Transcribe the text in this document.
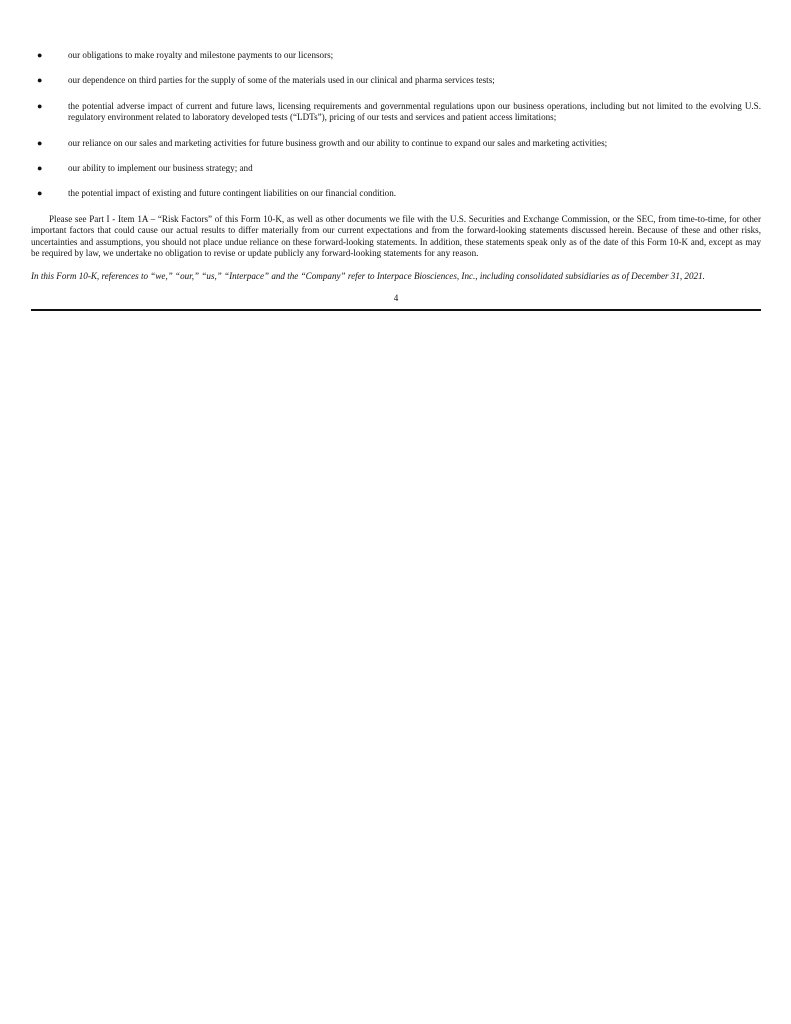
●	our obligations to make royalty and milestone payments to our licensors;
●	our dependence on third parties for the supply of some of the materials used in our clinical and pharma services tests;
●	the potential adverse impact of current and future laws, licensing requirements and governmental regulations upon our business operations, including but not limited to the evolving U.S. regulatory environment related to laboratory developed tests (“LDTs”), pricing of our tests and services and patient access limitations;
●	our reliance on our sales and marketing activities for future business growth and our ability to continue to expand our sales and marketing activities;
●	our ability to implement our business strategy; and
●	the potential impact of existing and future contingent liabilities on our financial condition.

Please see Part I - Item 1A – “Risk Factors” of this Form 10-K, as well as other documents we file with the U.S. Securities and Exchange Commission, or the SEC, from time-to-time, for other important factors that could cause our actual results to differ materially from our current expectations and from the forward-looking statements discussed herein. Because of these and other risks, uncertainties and assumptions, you should not place undue reliance on these forward-looking statements. In addition, these statements speak only as of the date of this Form 10-K and, except as may be required by law, we undertake no obligation to revise or update publicly any forward-looking statements for any reason.

In this Form 10-K, references to “we,” “our,” “us,” “Interpace” and the “Company” refer to Interpace Biosciences, Inc., including consolidated subsidiaries as of December 31, 2021.

4
